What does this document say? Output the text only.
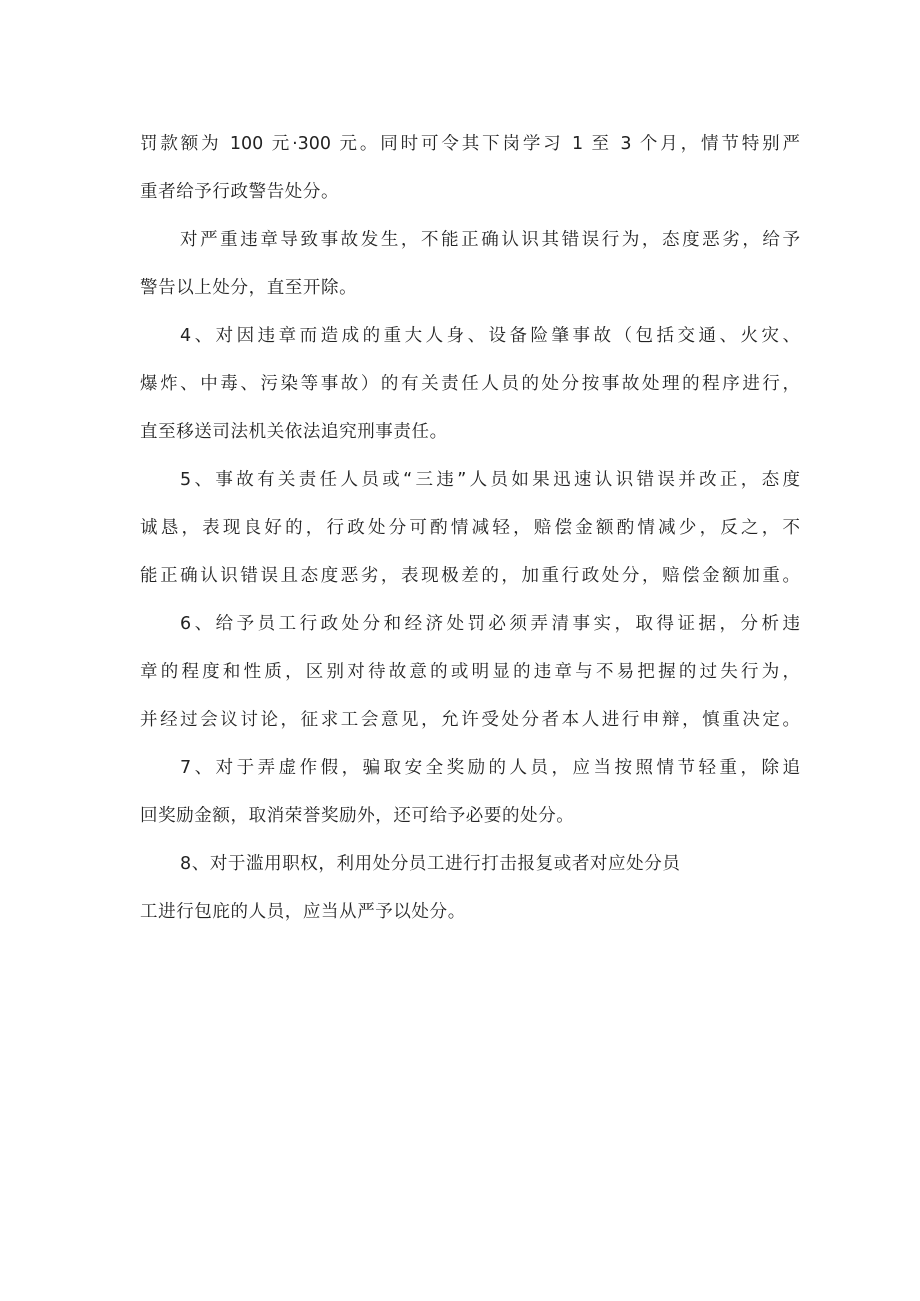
罚款额为 100 元·300 元。同时可令其下岗学习 1 至 3 个月，情节特别严
重者给予行政警告处分。
对严重违章导致事故发生，不能正确认识其错误行为，态度恶劣，给予
警告以上处分，直至开除。
4、对因违章而造成的重大人身、设备险肇事故（包括交通、火灾、
爆炸、中毒、污染等事故）的有关责任人员的处分按事故处理的程序进行，
直至移送司法机关依法追究刑事责任。
5、事故有关责任人员或“三违”人员如果迅速认识错误并改正，态度
诚恳，表现良好的，行政处分可酌情减轻，赔偿金额酌情减少，反之，不
能正确认识错误且态度恶劣，表现极差的，加重行政处分，赔偿金额加重。
6、给予员工行政处分和经济处罚必须弄清事实，取得证据，分析违
章的程度和性质，区别对待故意的或明显的违章与不易把握的过失行为，
并经过会议讨论，征求工会意见，允许受处分者本人进行申辩，慎重决定。
7、对于弄虚作假，骗取安全奖励的人员，应当按照情节轻重，除追
回奖励金额，取消荣誉奖励外，还可给予必要的处分。
8、对于滥用职权，利用处分员工进行打击报复或者对应处分员
工进行包庇的人员，应当从严予以处分。
